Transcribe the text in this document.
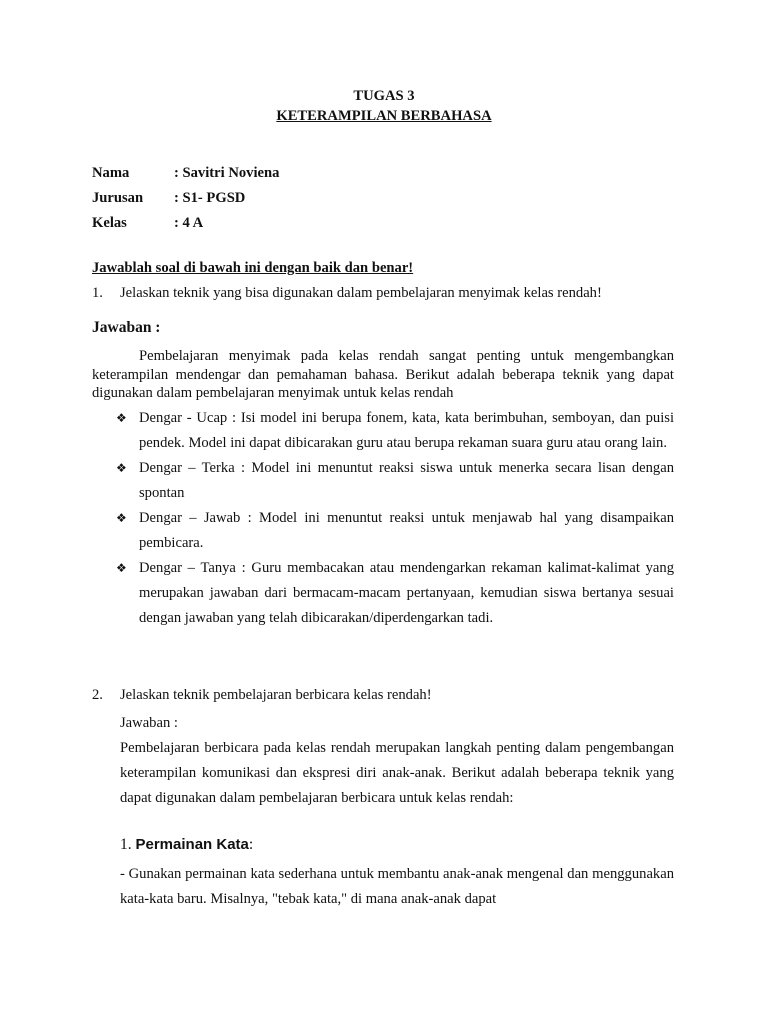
TUGAS 3
KETERAMPILAN BERBAHASA
Nama	: Savitri Noviena
Jurusan : S1- PGSD
Kelas	: 4 A
Jawablah soal di bawah ini dengan baik dan benar!
1. Jelaskan teknik yang bisa digunakan dalam pembelajaran menyimak kelas rendah!
Jawaban :
Pembelajaran menyimak pada kelas rendah sangat penting untuk mengembangkan keterampilan mendengar dan pemahaman bahasa. Berikut adalah beberapa teknik yang dapat digunakan dalam pembelajaran menyimak untuk kelas rendah
❖ Dengar - Ucap : Isi model ini berupa fonem, kata, kata berimbuhan, semboyan, dan puisi pendek. Model ini dapat dibicarakan guru atau berupa rekaman suara guru atau orang lain.
❖ Dengar – Terka : Model ini menuntut reaksi siswa untuk menerka secara lisan dengan spontan
❖ Dengar – Jawab : Model ini menuntut reaksi untuk menjawab hal yang disampaikan pembicara.
❖ Dengar – Tanya : Guru membacakan atau mendengarkan rekaman kalimat-kalimat yang merupakan jawaban dari bermacam-macam pertanyaan, kemudian siswa bertanya sesuai dengan jawaban yang telah dibicarakan/diperdengarkan tadi.
2. Jelaskan teknik pembelajaran berbicara kelas rendah!
Jawaban :
Pembelajaran berbicara pada kelas rendah merupakan langkah penting dalam pengembangan keterampilan komunikasi dan ekspresi diri anak-anak. Berikut adalah beberapa teknik yang dapat digunakan dalam pembelajaran berbicara untuk kelas rendah:
1. Permainan Kata:
- Gunakan permainan kata sederhana untuk membantu anak-anak mengenal dan menggunakan kata-kata baru. Misalnya, "tebak kata," di mana anak-anak dapat
